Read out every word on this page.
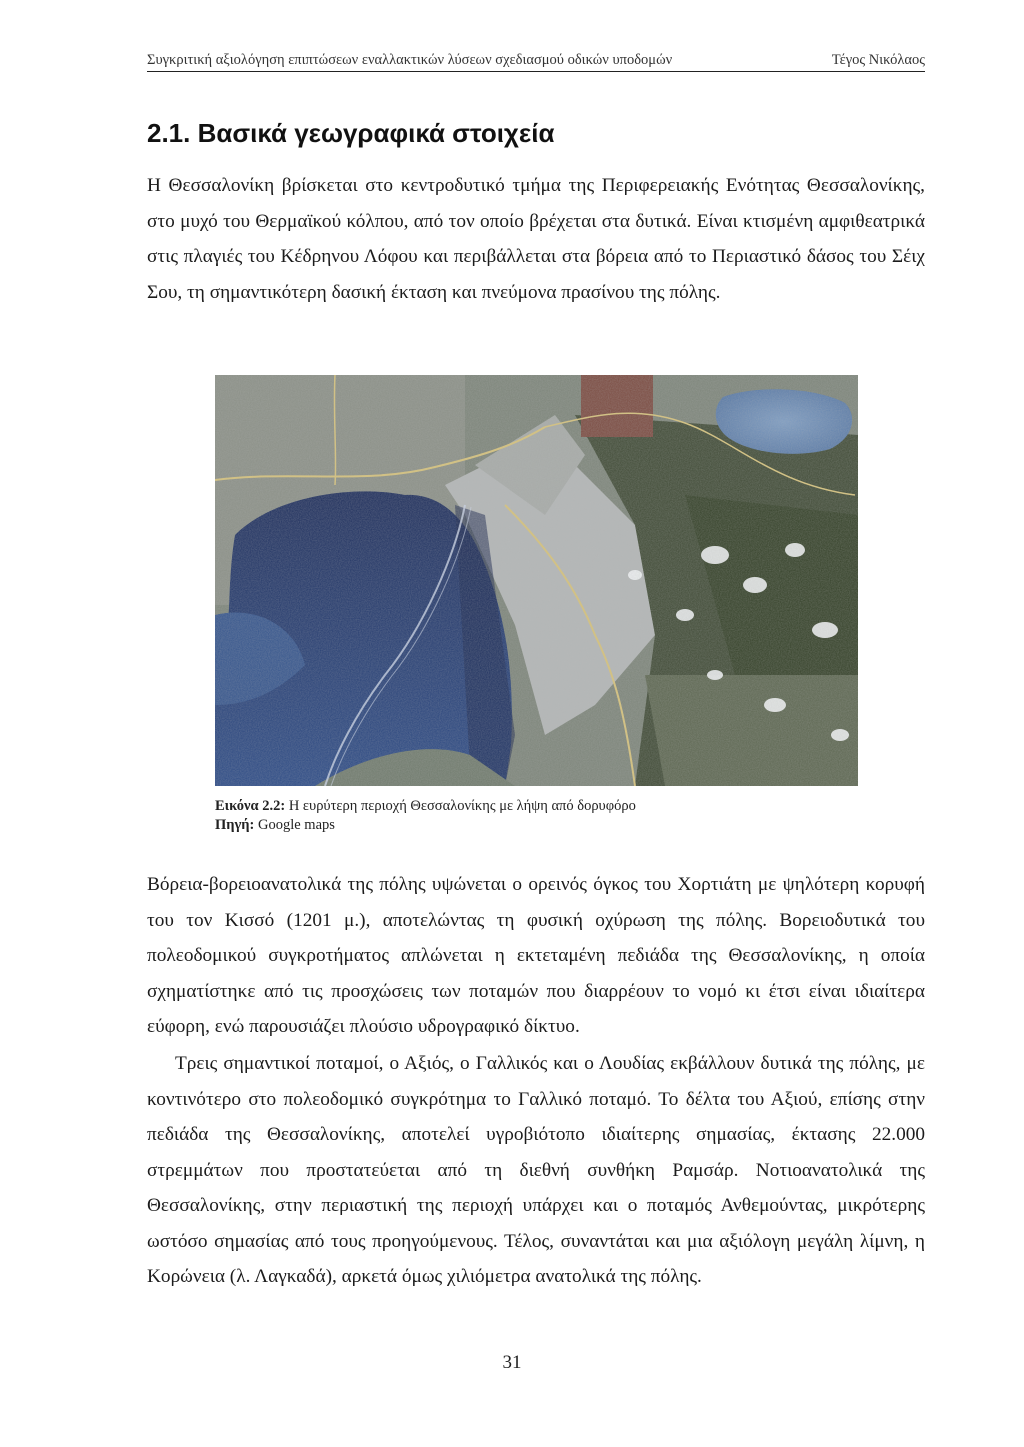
Συγκριτική αξιολόγηση επιπτώσεων εναλλακτικών λύσεων σχεδιασμού οδικών υποδομών	Τέγος Νικόλαος
2.1. Βασικά γεωγραφικά στοιχεία

Η Θεσσαλονίκη βρίσκεται στο κεντροδυτικό τμήμα της Περιφερειακής Ενότητας Θεσσαλονίκης, στο μυχό του Θερμαϊκού κόλπου, από τον οποίο βρέχεται στα δυτικά. Είναι κτισμένη αμφιθεατρικά στις πλαγιές του Κέδρηνου Λόφου και περιβάλλεται στα βόρεια από το Περιαστικό δάσος του Σέιχ Σου, τη σημαντικότερη δασική έκταση και πνεύμονα πρασίνου της πόλης.

Εικόνα 2.2: Η ευρύτερη περιοχή Θεσσαλονίκης με λήψη από δορυφόρο
Πηγή: Google maps

Βόρεια-βορειοανατολικά της πόλης υψώνεται ο ορεινός όγκος του Χορτιάτη με ψηλότερη κορυφή του τον Κισσό (1201 μ.), αποτελώντας τη φυσική οχύρωση της πόλης. Βορειοδυτικά του πολεοδομικού συγκροτήματος απλώνεται η εκτεταμένη πεδιάδα της Θεσσαλονίκης, η οποία σχηματίστηκε από τις προσχώσεις των ποταμών που διαρρέουν το νομό κι έτσι είναι ιδιαίτερα εύφορη, ενώ παρουσιάζει πλούσιο υδρογραφικό δίκτυο.

Τρεις σημαντικοί ποταμοί, ο Αξιός, ο Γαλλικός και ο Λουδίας εκβάλλουν δυτικά της πόλης, με κοντινότερο στο πολεοδομικό συγκρότημα το Γαλλικό ποταμό. Το δέλτα του Αξιού, επίσης στην πεδιάδα της Θεσσαλονίκης, αποτελεί υγροβιότοπο ιδιαίτερης σημασίας, έκτασης 22.000 στρεμμάτων που προστατεύεται από τη διεθνή συνθήκη Ραμσάρ. Νοτιοανατολικά της Θεσσαλονίκης, στην περιαστική της περιοχή υπάρχει και ο ποταμός Ανθεμούντας, μικρότερης ωστόσο σημασίας από τους προηγούμενους. Τέλος, συναντάται και μια αξιόλογη μεγάλη λίμνη, η Κορώνεια (λ. Λαγκαδά), αρκετά όμως χιλιόμετρα ανατολικά της πόλης.

31
